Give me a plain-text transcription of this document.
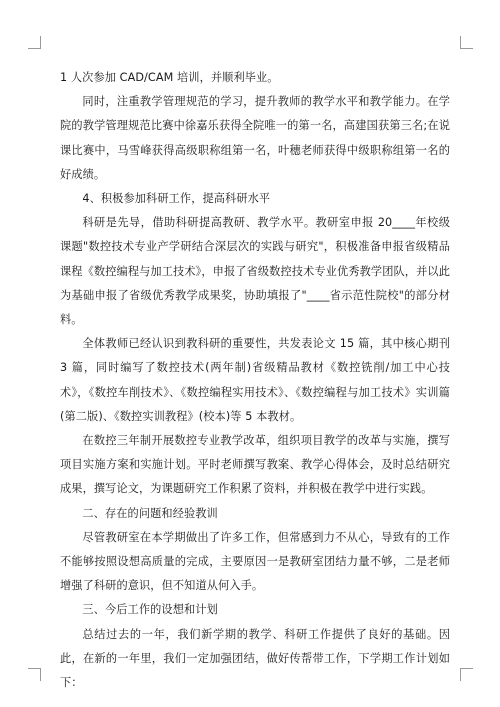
1 人次参加 CAD/CAM 培训，并顺利毕业。

同时，注重教学管理规范的学习，提升教师的教学水平和教学能力。在学院的教学管理规范比赛中徐嘉乐获得全院唯一的第一名，高建国获第三名;在说课比赛中，马雪峰获得高级职称组第一名，叶穗老师获得中级职称组第一名的好成绩。

4、积极参加科研工作，提高科研水平

科研是先导，借助科研提高教研、教学水平。教研室申报 20____年校级课题"数控技术专业产学研结合深层次的实践与研究"，积极准备申报省级精品课程《数控编程与加工技术》，申报了省级数控技术专业优秀教学团队，并以此为基础申报了省级优秀教学成果奖，协助填报了"____省示范性院校"的部分材料。

全体教师已经认识到教科研的重要性，共发表论文 15 篇，其中核心期刊 3 篇，同时编写了数控技术(两年制)省级精品教材《数控铣削/加工中心技术》，《数控车削技术》、《数控编程实用技术》、《数控编程与加工技术》实训篇(第二版)、《数控实训教程》(校本)等 5 本教材。

在数控三年制开展数控专业教学改革，组织项目教学的改革与实施，撰写项目实施方案和实施计划。平时老师撰写教案、教学心得体会，及时总结研究成果，撰写论文，为课题研究工作积累了资料，并积极在教学中进行实践。

二、存在的问题和经验教训

尽管教研室在本学期做出了许多工作，但常感到力不从心，导致有的工作不能够按照设想高质量的完成，主要原因一是教研室团结力量不够，二是老师增强了科研的意识，但不知道从何入手。

三、今后工作的设想和计划

总结过去的一年，我们新学期的教学、科研工作提供了良好的基础。因此，在新的一年里，我们一定加强团结，做好传帮带工作，下学期工作计划如下：
